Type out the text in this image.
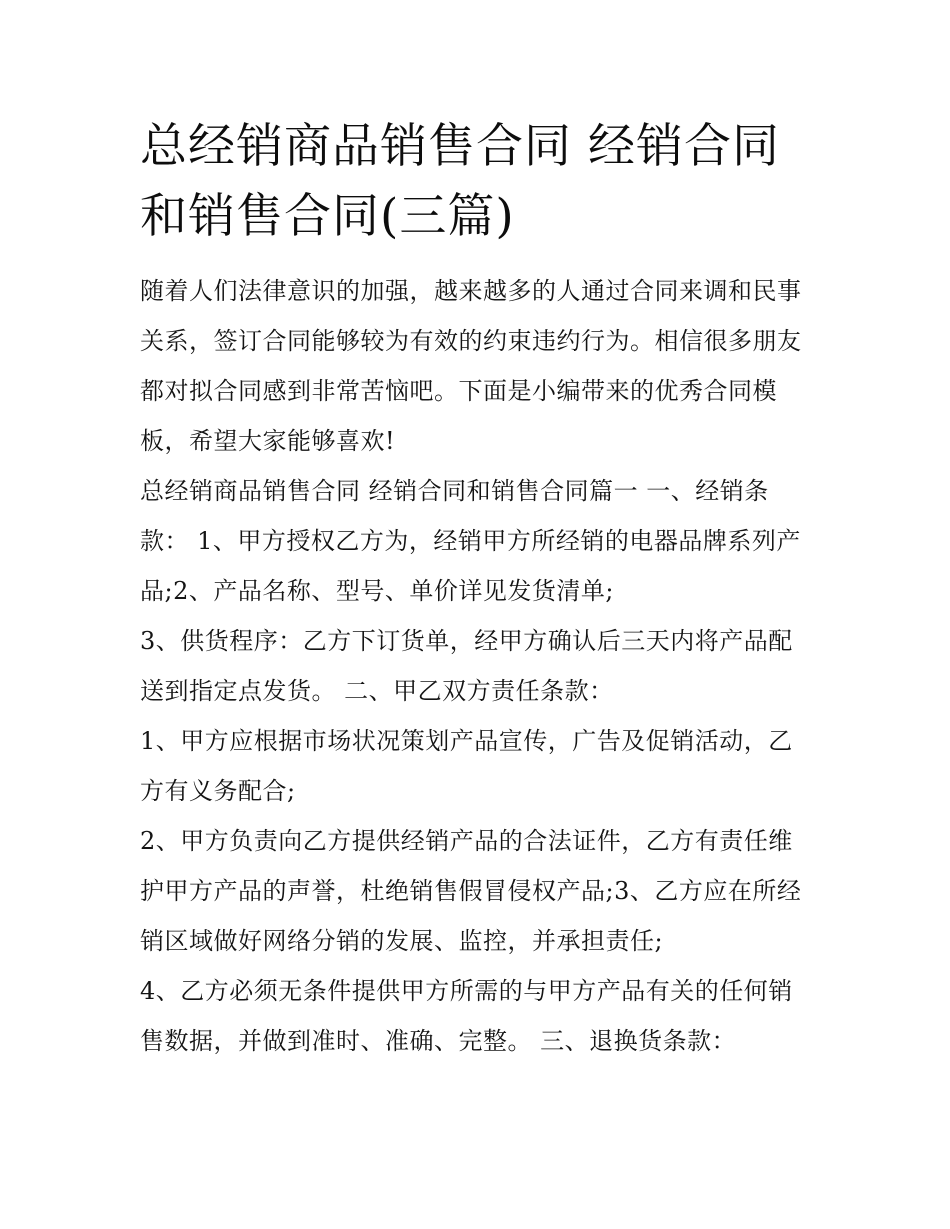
总经销商品销售合同 经销合同和销售合同(三篇)

随着人们法律意识的加强，越来越多的人通过合同来调和民事关系，签订合同能够较为有效的约束违约行为。相信很多朋友都对拟合同感到非常苦恼吧。下面是小编带来的优秀合同模板，希望大家能够喜欢!

总经销商品销售合同 经销合同和销售合同篇一 一、经销条款： 1、甲方授权乙方为，经销甲方所经销的电器品牌系列产品;2、产品名称、型号、单价详见发货清单;

3、供货程序：乙方下订货单，经甲方确认后三天内将产品配送到指定点发货。 二、甲乙双方责任条款：

1、甲方应根据市场状况策划产品宣传，广告及促销活动，乙方有义务配合;

2、甲方负责向乙方提供经销产品的合法证件，乙方有责任维护甲方产品的声誉，杜绝销售假冒侵权产品;3、乙方应在所经销区域做好网络分销的发展、监控，并承担责任;

4、乙方必须无条件提供甲方所需的与甲方产品有关的任何销售数据，并做到准时、准确、完整。 三、退换货条款：
